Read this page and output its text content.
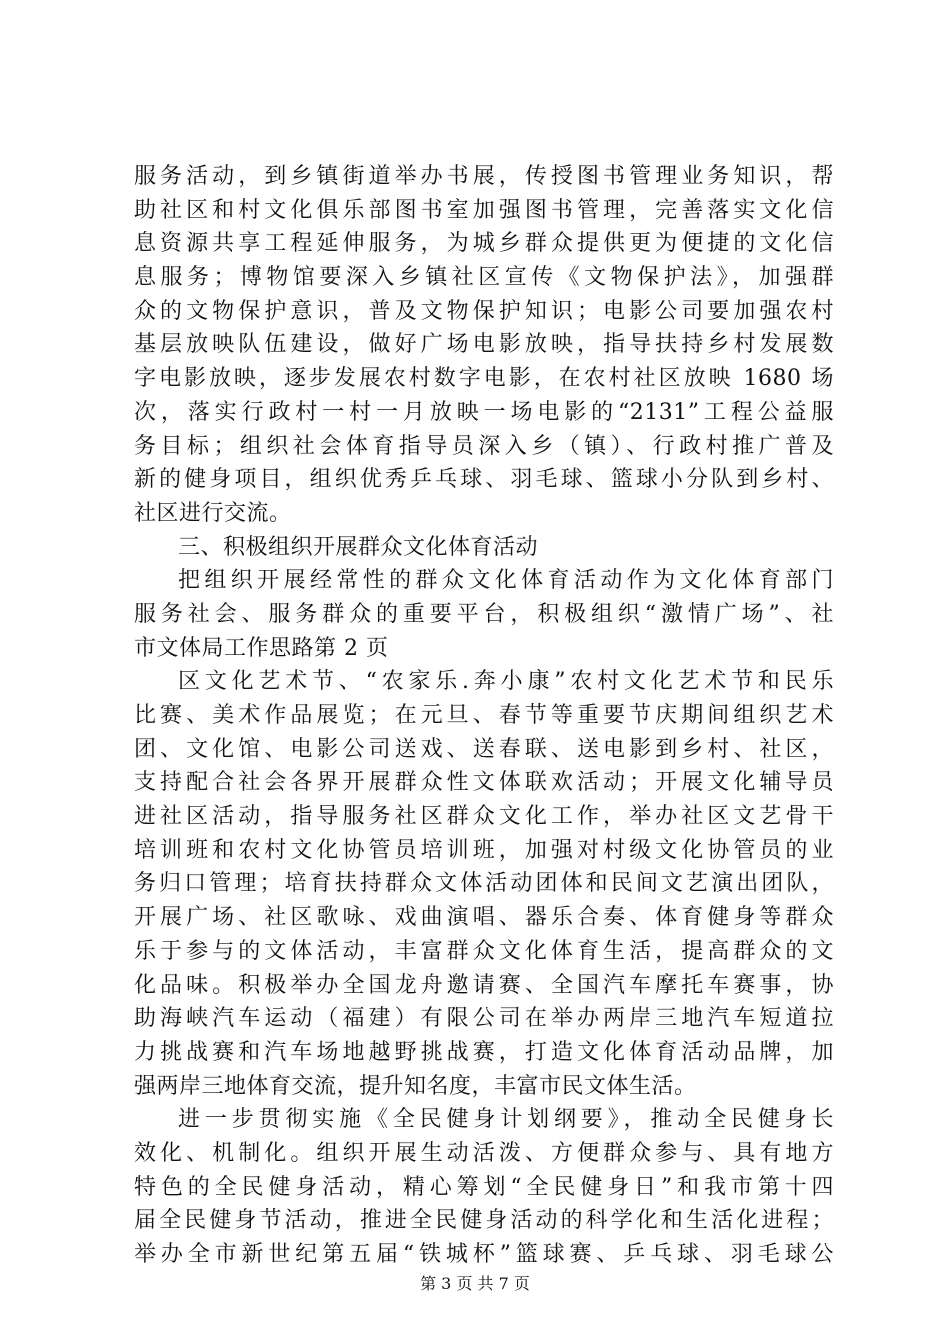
服务活动，到乡镇街道举办书展，传授图书管理业务知识，帮
助社区和村文化俱乐部图书室加强图书管理，完善落实文化信
息资源共享工程延伸服务，为城乡群众提供更为便捷的文化信
息服务；博物馆要深入乡镇社区宣传《文物保护法》，加强群
众的文物保护意识，普及文物保护知识；电影公司要加强农村
基层放映队伍建设，做好广场电影放映，指导扶持乡村发展数
字电影放映，逐步发展农村数字电影，在农村社区放映 1680 场
次，落实行政村一村一月放映一场电影的“2131”工程公益服
务目标；组织社会体育指导员深入乡（镇）、行政村推广普及
新的健身项目，组织优秀乒乓球、羽毛球、篮球小分队到乡村、
社区进行交流。
三、积极组织开展群众文化体育活动
把组织开展经常性的群众文化体育活动作为文化体育部门
服务社会、服务群众的重要平台，积极组织“激情广场”、社
市文体局工作思路第 2 页
区文化艺术节、“农家乐.奔小康”农村文化艺术节和民乐
比赛、美术作品展览；在元旦、春节等重要节庆期间组织艺术
团、文化馆、电影公司送戏、送春联、送电影到乡村、社区，
支持配合社会各界开展群众性文体联欢活动；开展文化辅导员
进社区活动，指导服务社区群众文化工作，举办社区文艺骨干
培训班和农村文化协管员培训班，加强对村级文化协管员的业
务归口管理；培育扶持群众文体活动团体和民间文艺演出团队，
开展广场、社区歌咏、戏曲演唱、器乐合奏、体育健身等群众
乐于参与的文体活动，丰富群众文化体育生活，提高群众的文
化品味。积极举办全国龙舟邀请赛、全国汽车摩托车赛事，协
助海峡汽车运动（福建）有限公司在举办两岸三地汽车短道拉
力挑战赛和汽车场地越野挑战赛，打造文化体育活动品牌，加
强两岸三地体育交流，提升知名度，丰富市民文体生活。
进一步贯彻实施《全民健身计划纲要》，推动全民健身长
效化、机制化。组织开展生动活泼、方便群众参与、具有地方
特色的全民健身活动，精心筹划“全民健身日”和我市第十四
届全民健身节活动，推进全民健身活动的科学化和生活化进程；
举办全市新世纪第五届“铁城杯”篮球赛、乒乓球、羽毛球公
第 3 页 共 7 页
